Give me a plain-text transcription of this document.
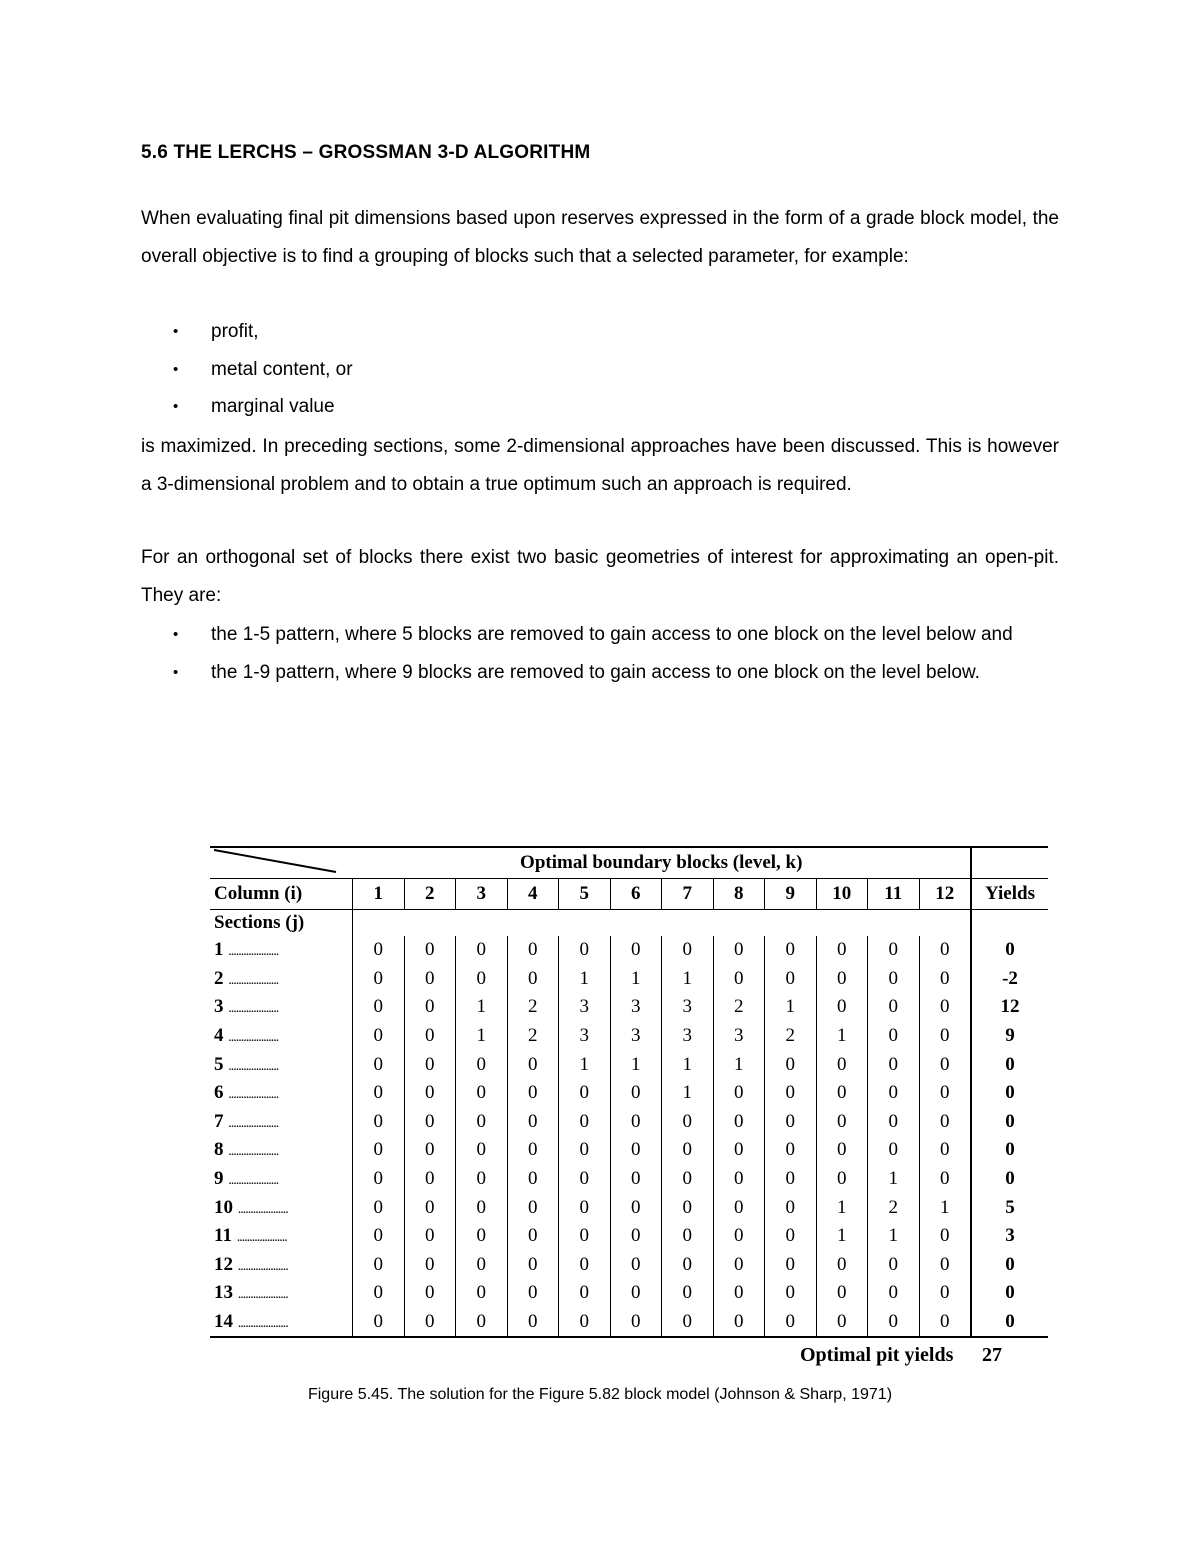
5.6 THE LERCHS – GROSSMAN 3-D ALGORITHM
When evaluating final pit dimensions based upon reserves expressed in the form of a grade block model, the overall objective is to find a grouping of blocks such that a selected parameter, for example:
• profit,
• metal content, or
• marginal value
is maximized. In preceding sections, some 2-dimensional approaches have been discussed. This is however a 3-dimensional problem and to obtain a true optimum such an approach is required.
For an orthogonal set of blocks there exist two basic geometries of interest for approximating an open-pit. They are:
• the 1-5 pattern, where 5 blocks are removed to gain access to one block on the level below and
• the 1-9 pattern, where 9 blocks are removed to gain access to one block on the level below.
	Optimal boundary blocks (level, k)												
Column (i)	1	2	3	4	5	6	7	8	9	10	11	12	Yields
Sections (j)													
1 ....................	0	0	0	0	0	0	0	0	0	0	0	0	0
2 ....................	0	0	0	0	1	1	1	0	0	0	0	0	-2
3 ....................	0	0	1	2	3	3	3	2	1	0	0	0	12
4 ....................	0	0	1	2	3	3	3	3	2	1	0	0	9
5 ....................	0	0	0	0	1	1	1	1	0	0	0	0	0
6 ....................	0	0	0	0	0	0	1	0	0	0	0	0	0
7 ....................	0	0	0	0	0	0	0	0	0	0	0	0	0
8 ....................	0	0	0	0	0	0	0	0	0	0	0	0	0
9 ....................	0	0	0	0	0	0	0	0	0	0	1	0	0
10 ....................	0	0	0	0	0	0	0	0	0	1	2	1	5
11 ....................	0	0	0	0	0	0	0	0	0	1	1	0	3
12 ....................	0	0	0	0	0	0	0	0	0	0	0	0	0
13 ....................	0	0	0	0	0	0	0	0	0	0	0	0	0
14 ....................	0	0	0	0	0	0	0	0	0	0	0	0	0
Optimal pit yields 27
Figure 5.45. The solution for the Figure 5.82 block model (Johnson & Sharp, 1971)
